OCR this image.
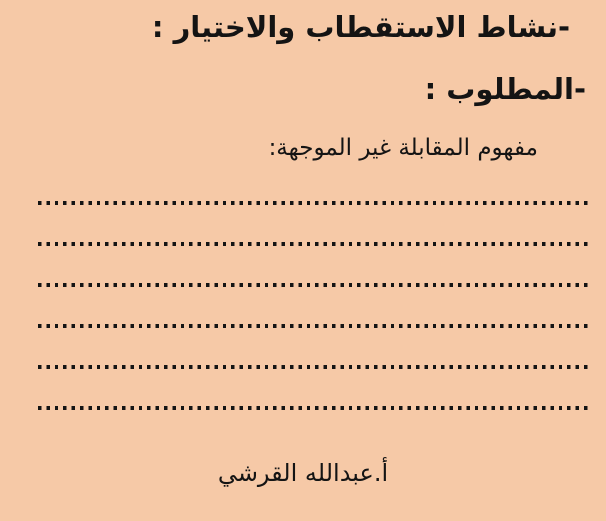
-نشاط الاستقطاب والاختيار :
-المطلوب :
مفهوم المقابلة غير الموجهة:
أ.عبدالله القرشي
